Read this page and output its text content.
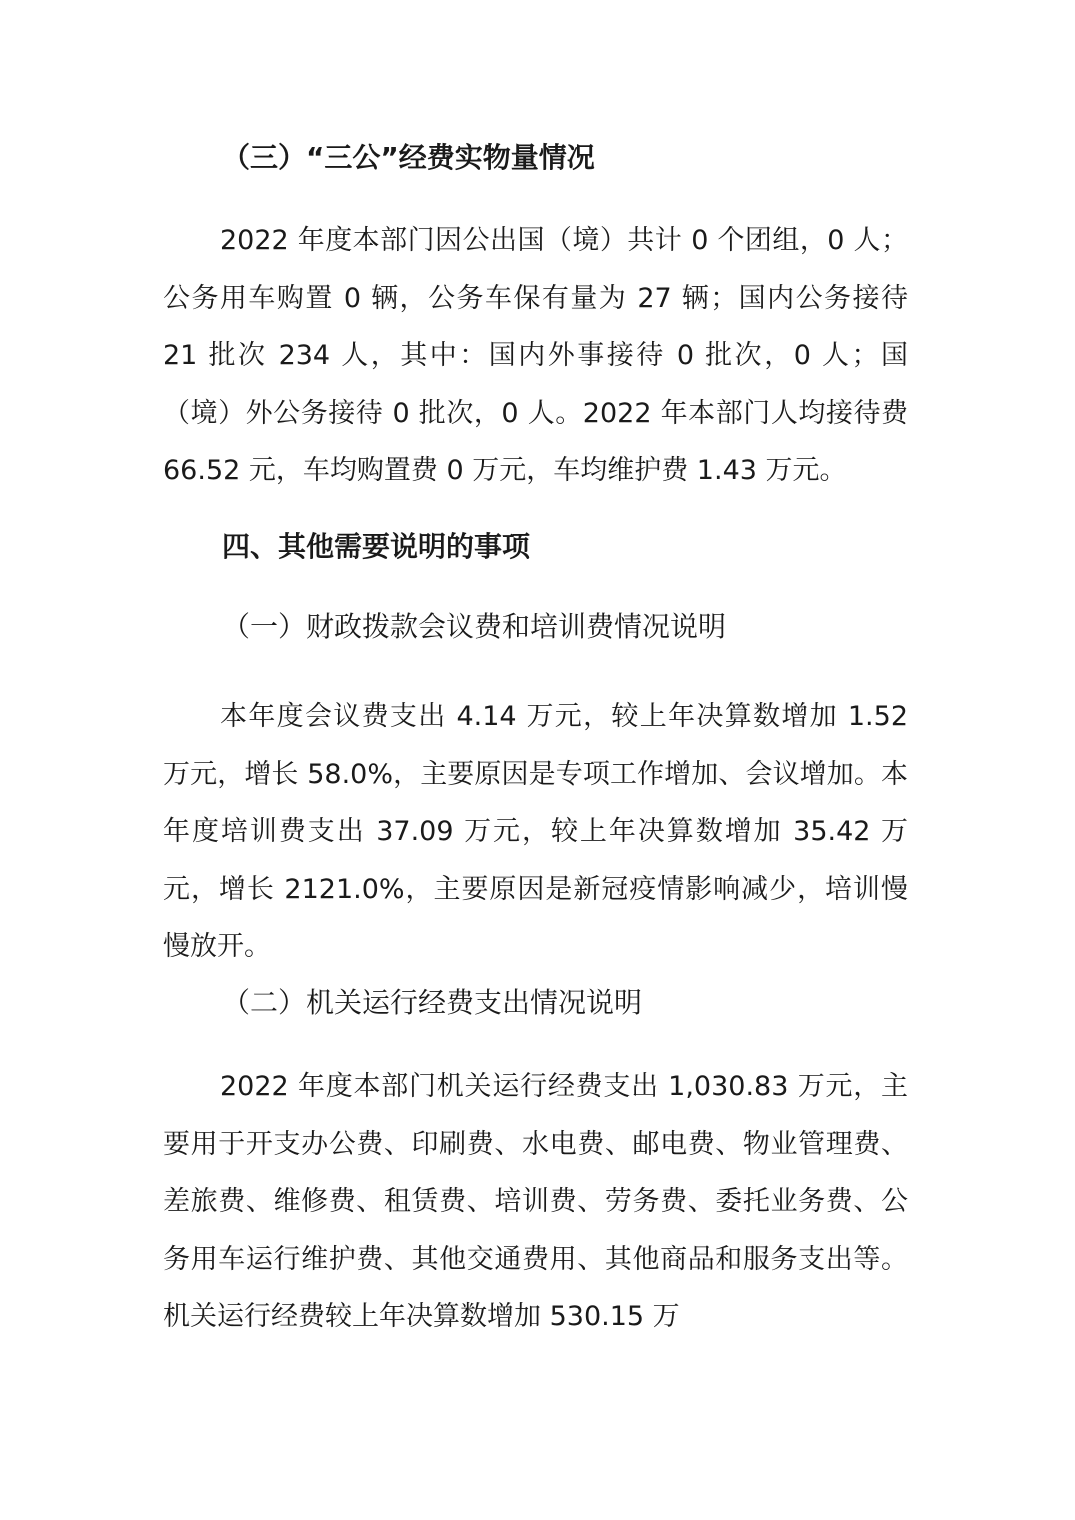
（三）“三公”经费实物量情况

2022 年度本部门因公出国（境）共计 0 个团组，0 人；公务用车购置 0 辆，公务车保有量为 27 辆；国内公务接待 21 批次 234 人，其中：国内外事接待 0 批次，0 人；国（境）外公务接待 0 批次，0 人。2022 年本部门人均接待费 66.52 元，车均购置费 0 万元，车均维护费 1.43 万元。

四、其他需要说明的事项
（一）财政拨款会议费和培训费情况说明

本年度会议费支出 4.14 万元，较上年决算数增加 1.52 万元，增长 58.0%，主要原因是专项工作增加、会议增加。本年度培训费支出 37.09 万元，较上年决算数增加 35.42 万元，增长 2121.0%，主要原因是新冠疫情影响减少，培训慢慢放开。

（二）机关运行经费支出情况说明

2022 年度本部门机关运行经费支出 1,030.83 万元，主要用于开支办公费、印刷费、水电费、邮电费、物业管理费、差旅费、维修费、租赁费、培训费、劳务费、委托业务费、公务用车运行维护费、其他交通费用、其他商品和服务支出等。机关运行经费较上年决算数增加 530.15 万
